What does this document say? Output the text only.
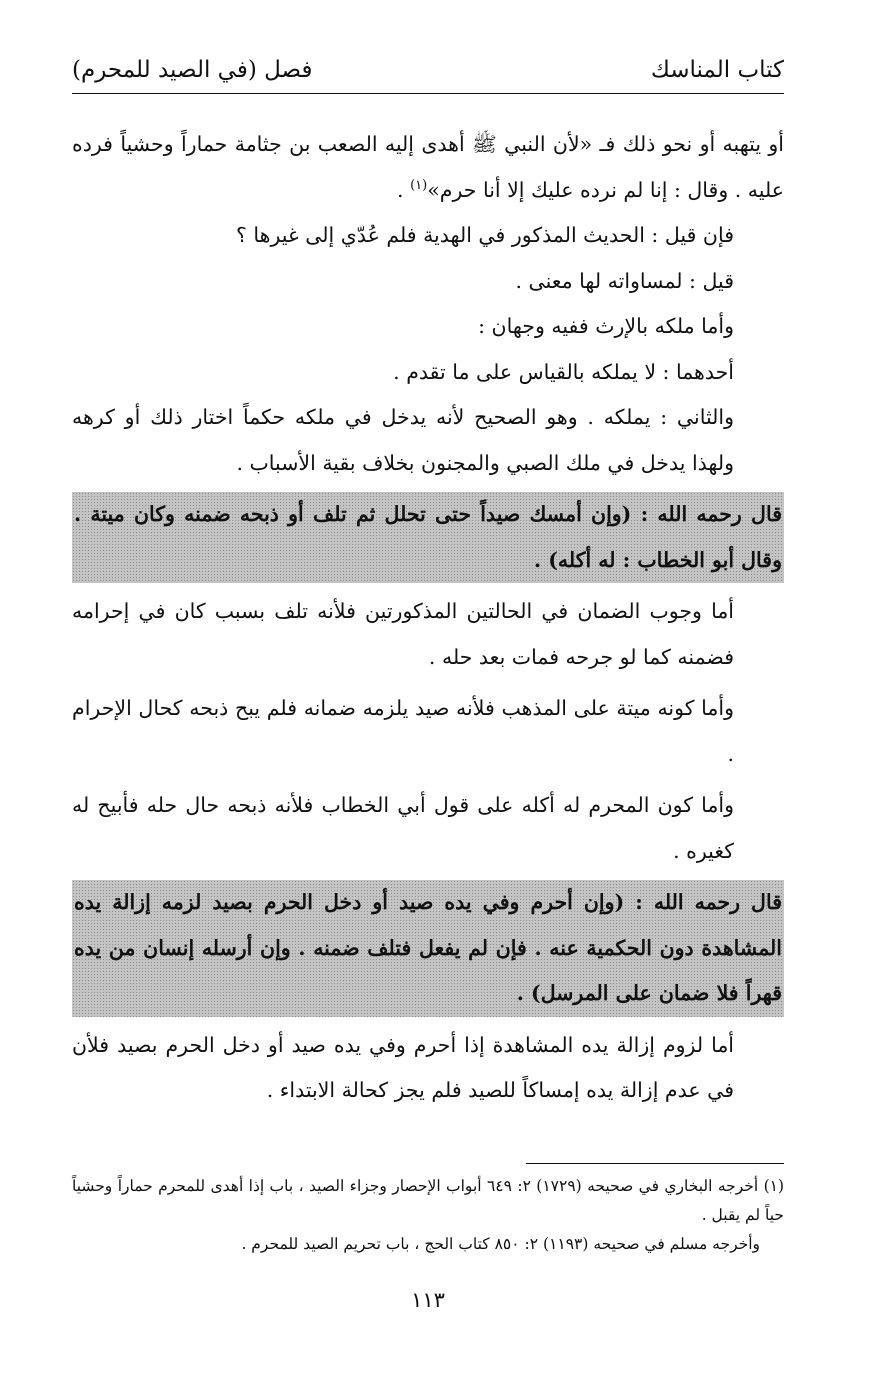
كتاب المناسك
فصل (في الصيد للمحرم)

أو يتهبه أو نحو ذلك فـ «لأن النبي ﷺ أهدى إليه الصعب بن جثامة حماراً وحشياً فرده عليه . وقال : إنا لم نرده عليك إلا أنا حرم»$^{(١)}$ .

فإن قيل : الحديث المذكور في الهدية فلم عُدّي إلى غيرها ؟

قيل : لمساواته لها معنى .

وأما ملكه بالإرث ففيه وجهان :

أحدهما : لا يملكه بالقياس على ما تقدم .

والثاني : يملكه . وهو الصحيح لأنه يدخل في ملكه حكماً اختار ذلك أو كرهه ولهذا يدخل في ملك الصبي والمجنون بخلاف بقية الأسباب .

قال رحمه الله : (وإن أمسك صيداً حتى تحلل ثم تلف أو ذبحه ضمنه وكان ميتة . وقال أبو الخطاب : له أكله) .

أما وجوب الضمان في الحالتين المذكورتين فلأنه تلف بسبب كان في إحرامه فضمنه كما لو جرحه فمات بعد حله .

وأما كونه ميتة على المذهب فلأنه صيد يلزمه ضمانه فلم يبح ذبحه كحال الإحرام .

وأما كون المحرم له أكله على قول أبي الخطاب فلأنه ذبحه حال حله فأبيح له كغيره .

قال رحمه الله : (وإن أحرم وفي يده صيد أو دخل الحرم بصيد لزمه إزالة يده المشاهدة دون الحكمية عنه . فإن لم يفعل فتلف ضمنه . وإن أرسله إنسان من يده قهراً فلا ضمان على المرسل) .

أما لزوم إزالة يده المشاهدة إذا أحرم وفي يده صيد أو دخل الحرم بصيد فلأن في عدم إزالة يده إمساكاً للصيد فلم يجز كحالة الابتداء .

(١) أخرجه البخاري في صحيحه (١٧٢٩) ٢: ٦٤٩ أبواب الإحصار وجزاء الصيد ، باب إذا أهدى للمحرم حماراً وحشياً حياً لم يقبل .

وأخرجه مسلم في صحيحه (١١٩٣) ٢: ٨٥٠ كتاب الحج ، باب تحريم الصيد للمحرم .

١١٣
